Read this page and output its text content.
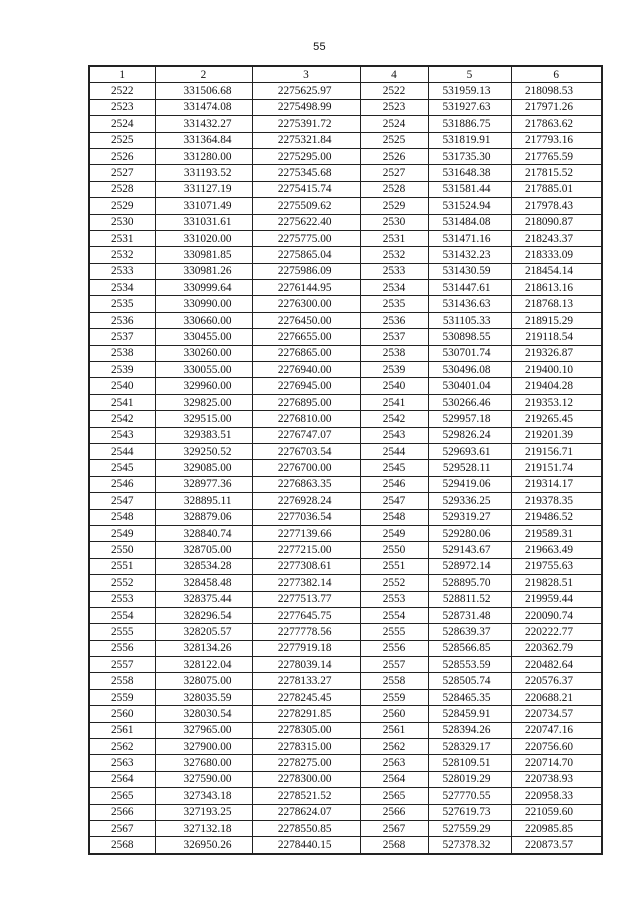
55
1	2	3	4	5	6
2522	331506.68	2275625.97	2522	531959.13	218098.53
2523	331474.08	2275498.99	2523	531927.63	217971.26
2524	331432.27	2275391.72	2524	531886.75	217863.62
2525	331364.84	2275321.84	2525	531819.91	217793.16
2526	331280.00	2275295.00	2526	531735.30	217765.59
2527	331193.52	2275345.68	2527	531648.38	217815.52
2528	331127.19	2275415.74	2528	531581.44	217885.01
2529	331071.49	2275509.62	2529	531524.94	217978.43
2530	331031.61	2275622.40	2530	531484.08	218090.87
2531	331020.00	2275775.00	2531	531471.16	218243.37
2532	330981.85	2275865.04	2532	531432.23	218333.09
2533	330981.26	2275986.09	2533	531430.59	218454.14
2534	330999.64	2276144.95	2534	531447.61	218613.16
2535	330990.00	2276300.00	2535	531436.63	218768.13
2536	330660.00	2276450.00	2536	531105.33	218915.29
2537	330455.00	2276655.00	2537	530898.55	219118.54
2538	330260.00	2276865.00	2538	530701.74	219326.87
2539	330055.00	2276940.00	2539	530496.08	219400.10
2540	329960.00	2276945.00	2540	530401.04	219404.28
2541	329825.00	2276895.00	2541	530266.46	219353.12
2542	329515.00	2276810.00	2542	529957.18	219265.45
2543	329383.51	2276747.07	2543	529826.24	219201.39
2544	329250.52	2276703.54	2544	529693.61	219156.71
2545	329085.00	2276700.00	2545	529528.11	219151.74
2546	328977.36	2276863.35	2546	529419.06	219314.17
2547	328895.11	2276928.24	2547	529336.25	219378.35
2548	328879.06	2277036.54	2548	529319.27	219486.52
2549	328840.74	2277139.66	2549	529280.06	219589.31
2550	328705.00	2277215.00	2550	529143.67	219663.49
2551	328534.28	2277308.61	2551	528972.14	219755.63
2552	328458.48	2277382.14	2552	528895.70	219828.51
2553	328375.44	2277513.77	2553	528811.52	219959.44
2554	328296.54	2277645.75	2554	528731.48	220090.74
2555	328205.57	2277778.56	2555	528639.37	220222.77
2556	328134.26	2277919.18	2556	528566.85	220362.79
2557	328122.04	2278039.14	2557	528553.59	220482.64
2558	328075.00	2278133.27	2558	528505.74	220576.37
2559	328035.59	2278245.45	2559	528465.35	220688.21
2560	328030.54	2278291.85	2560	528459.91	220734.57
2561	327965.00	2278305.00	2561	528394.26	220747.16
2562	327900.00	2278315.00	2562	528329.17	220756.60
2563	327680.00	2278275.00	2563	528109.51	220714.70
2564	327590.00	2278300.00	2564	528019.29	220738.93
2565	327343.18	2278521.52	2565	527770.55	220958.33
2566	327193.25	2278624.07	2566	527619.73	221059.60
2567	327132.18	2278550.85	2567	527559.29	220985.85
2568	326950.26	2278440.15	2568	527378.32	220873.57
